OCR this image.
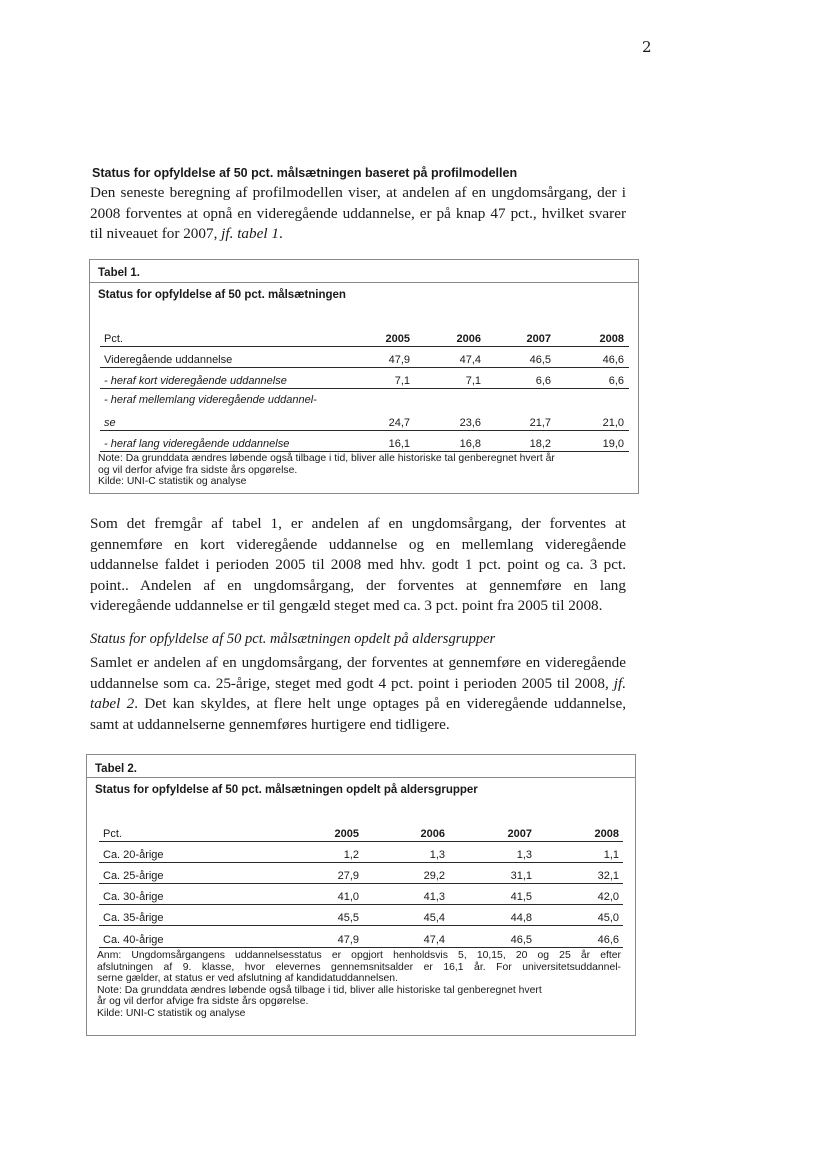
2
Status for opfyldelse af 50 pct. målsætningen baseret på profilmodellen
Den seneste beregning af profilmodellen viser, at andelen af en ungdomsårgang, der i 2008 forventes at opnå en videregående uddannelse, er på knap 47 pct., hvilket svarer til niveauet for 2007, jf. tabel 1.
Tabel 1.
Status for opfyldelse af 50 pct. målsætningen
Pct.	2005	2006	2007	2008
Videregående uddannelse	47,9	47,4	46,5	46,6
- heraf kort videregående uddannelse	7,1	7,1	6,6	6,6
- heraf mellemlang videregående uddannel-
se	24,7	23,6	21,7	21,0
- heraf lang videregående uddannelse	16,1	16,8	18,2	19,0
Note: Da grunddata ændres løbende også tilbage i tid, bliver alle historiske tal genberegnet hvert år
og vil derfor afvige fra sidste års opgørelse.
Kilde: UNI-C statistik og analyse
Som det fremgår af tabel 1, er andelen af en ungdomsårgang, der forventes at gennemføre en kort videregående uddannelse og en mellemlang videregående uddannelse faldet i perioden 2005 til 2008 med hhv. godt 1 pct. point og ca. 3 pct. point.. Andelen af en ungdomsårgang, der forventes at gennemføre en lang videregående uddannelse er til gengæld steget med ca. 3 pct. point fra 2005 til 2008.
Status for opfyldelse af 50 pct. målsætningen opdelt på aldersgrupper
Samlet er andelen af en ungdomsårgang, der forventes at gennemføre en videregående uddannelse som ca. 25-årige, steget med godt 4 pct. point i perioden 2005 til 2008, jf. tabel 2. Det kan skyldes, at flere helt unge optages på en videregående uddannelse, samt at uddannelserne gennemføres hurtigere end tidligere.
Tabel 2.
Status for opfyldelse af 50 pct. målsætningen opdelt på aldersgrupper
Pct.	2005	2006	2007	2008
Ca. 20-årige	1,2	1,3	1,3	1,1
Ca. 25-årige	27,9	29,2	31,1	32,1
Ca. 30-årige	41,0	41,3	41,5	42,0
Ca. 35-årige	45,5	45,4	44,8	45,0
Ca. 40-årige	47,9	47,4	46,5	46,6
Anm: Ungdomsårgangens uddannelsesstatus er opgjort henholdsvis 5, 10,15, 20 og 25 år efter
afslutningen af 9. klasse, hvor elevernes gennemsnitsalder er 16,1 år. For universitetsuddannel-
serne gælder, at status er ved afslutning af kandidatuddannelsen.
Note: Da grunddata ændres løbende også tilbage i tid, bliver alle historiske tal genberegnet hvert
år og vil derfor afvige fra sidste års opgørelse.
Kilde: UNI-C statistik og analyse
